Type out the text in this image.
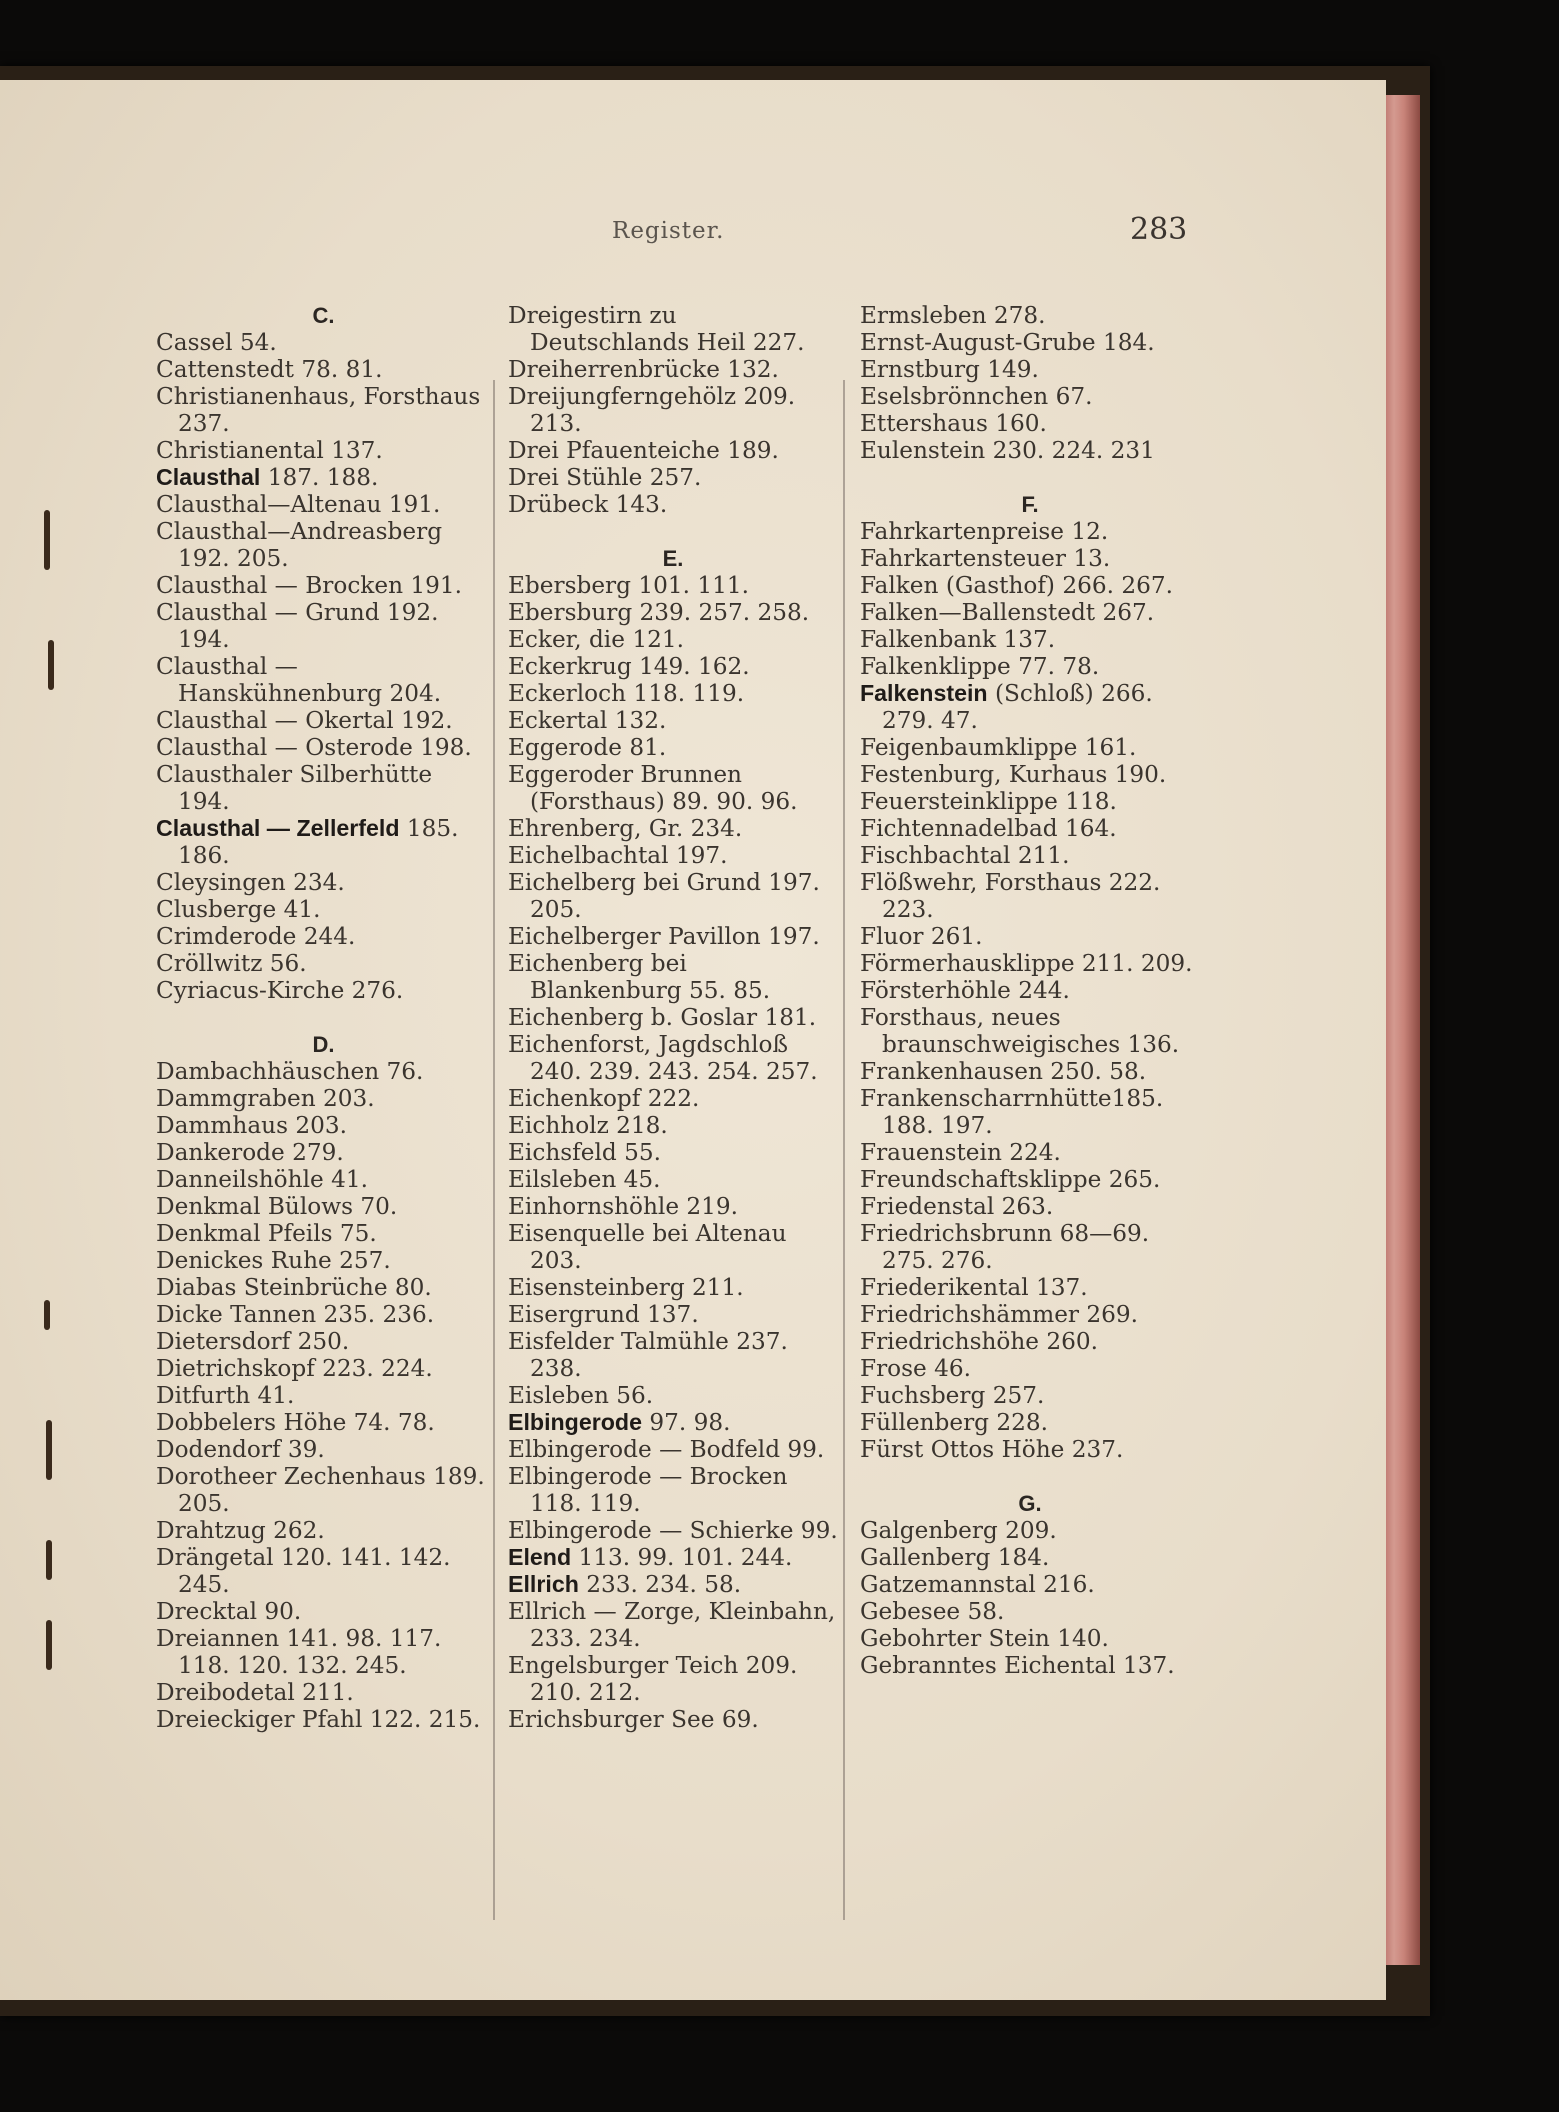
Register.	283
C.

Cassel 54.

Cattenstedt 78. 81.

Christianenhaus, Forsthaus 237.

Christianental 137.

Clausthal 187. 188.

Clausthal—Altenau 191.

Clausthal—Andreasberg 192. 205.

Clausthal — Brocken 191.

Clausthal — Grund 192. 194.

Clausthal — Hanskühnenburg 204.

Clausthal — Okertal 192.

Clausthal — Osterode 198.

Clausthaler Silberhütte 194.

Clausthal — Zellerfeld 185. 186.

Cleysingen 234.

Clusberge 41.

Crimderode 244.

Cröllwitz 56.

Cyriacus-Kirche 276.

D.

Dambachhäuschen 76.

Dammgraben 203.

Dammhaus 203.

Dankerode 279.

Danneilshöhle 41.

Denkmal Bülows 70.

Denkmal Pfeils 75.

Denickes Ruhe 257.

Diabas Steinbrüche 80.

Dicke Tannen 235. 236.

Dietersdorf 250.

Dietrichskopf 223. 224.

Ditfurth 41.

Dobbelers Höhe 74. 78.

Dodendorf 39.

Dorotheer Zechenhaus 189. 205.

Drahtzug 262.

Drängetal 120. 141. 142. 245.

Drecktal 90.

Dreiannen 141. 98. 117. 118. 120. 132. 245.

Dreibodetal 211.

Dreieckiger Pfahl 122. 215.

Dreigestirn zu Deutschlands Heil 227.

Dreiherrenbrücke 132.

Dreijungferngehölz 209. 213.

Drei Pfauenteiche 189.

Drei Stühle 257.

Drübeck 143.

E.

Ebersberg 101. 111.

Ebersburg 239. 257. 258.

Ecker, die 121.

Eckerkrug 149. 162.

Eckerloch 118. 119.

Eckertal 132.

Eggerode 81.

Eggeroder Brunnen (Forsthaus) 89. 90. 96.

Ehrenberg, Gr. 234.

Eichelbachtal 197.

Eichelberg bei Grund 197. 205.

Eichelberger Pavillon 197.

Eichenberg bei Blankenburg 55. 85.

Eichenberg b. Goslar 181.

Eichenforst, Jagdschloß 240. 239. 243. 254. 257.

Eichenkopf 222.

Eichholz 218.

Eichsfeld 55.

Eilsleben 45.

Einhornshöhle 219.

Eisenquelle bei Altenau 203.

Eisensteinberg 211.

Eisergrund 137.

Eisfelder Talmühle 237. 238.

Eisleben 56.

Elbingerode 97. 98.

Elbingerode — Bodfeld 99.

Elbingerode — Brocken 118. 119.

Elbingerode — Schierke 99.

Elend 113. 99. 101. 244.

Ellrich 233. 234. 58.

Ellrich — Zorge, Kleinbahn, 233. 234.

Engelsburger Teich 209. 210. 212.

Erichsburger See 69.

Ermsleben 278.

Ernst-August-Grube 184.

Ernstburg 149.

Eselsbrönnchen 67.

Ettershaus 160.

Eulenstein 230. 224. 231

F.

Fahrkartenpreise 12.

Fahrkartensteuer 13.

Falken (Gasthof) 266. 267.

Falken—Ballenstedt 267.

Falkenbank 137.

Falkenklippe 77. 78.

Falkenstein (Schloß) 266. 279. 47.

Feigenbaumklippe 161.

Festenburg, Kurhaus 190.

Feuersteinklippe 118.

Fichtennadelbad 164.

Fischbachtal 211.

Flößwehr, Forsthaus 222. 223.

Fluor 261.

Förmerhausklippe 211. 209.

Försterhöhle 244.

Forsthaus, neues braunschweigisches 136.

Frankenhausen 250. 58.

Frankenscharrnhütte185. 188. 197.

Frauenstein 224.

Freundschaftsklippe 265.

Friedenstal 263.

Friedrichsbrunn 68—69. 275. 276.

Friederikental 137.

Friedrichshämmer 269.

Friedrichshöhe 260.

Frose 46.

Fuchsberg 257.

Füllenberg 228.

Fürst Ottos Höhe 237.

G.

Galgenberg 209.

Gallenberg 184.

Gatzemannstal 216.

Gebesee 58.

Gebohrter Stein 140.

Gebranntes Eichental 137.
